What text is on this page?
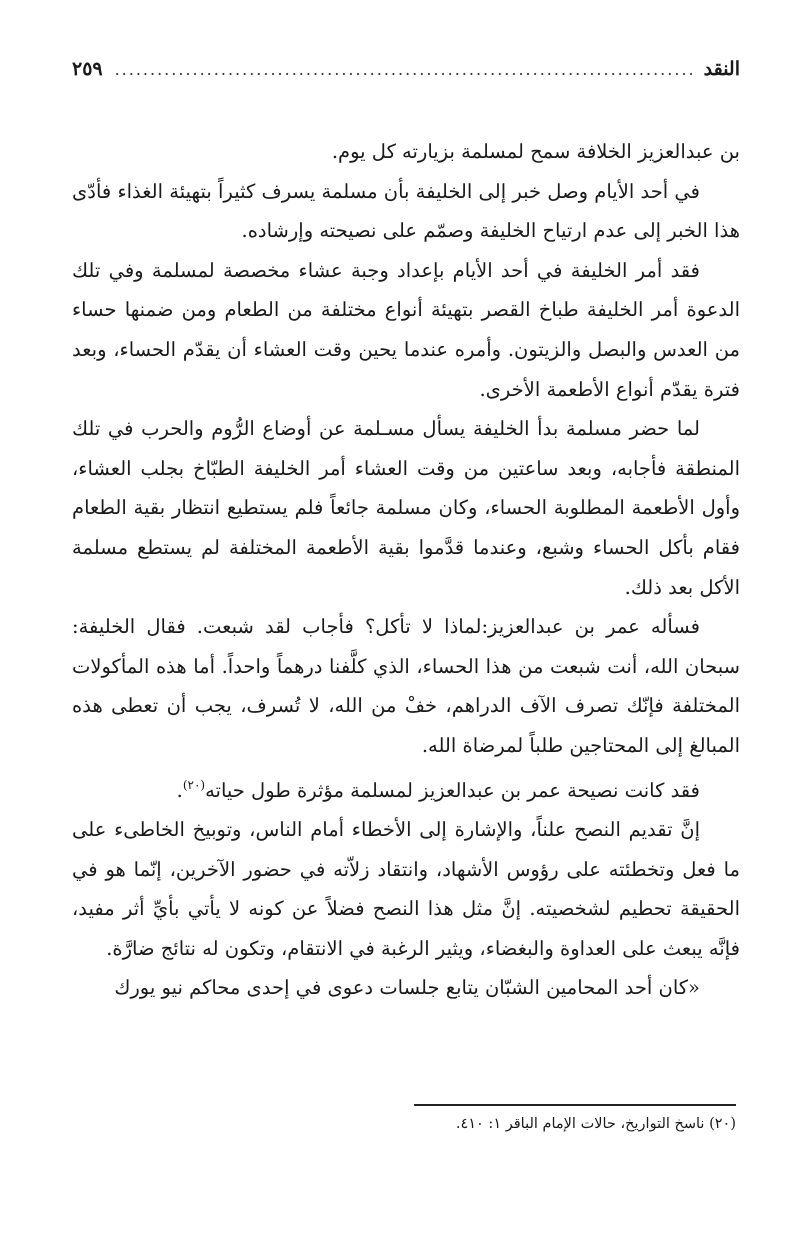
النقد
.....
٢٥٩

بن عبدالعزيز الخلافة سمح لمسلمة بزيارته كل يوم.

في أحد الأيام وصل خبر إلى الخليفة بأن مسلمة يسرف كثيراً بتهيئة الغذاء فأدّى هذا الخبر إلى عدم ارتياح الخليفة وصمّم على نصيحته وإرشاده.

فقد أمر الخليفة في أحد الأيام بإعداد وجبة عشاء مخصصة لمسلمة وفي تلك الدعوة أمر الخليفة طباخ القصر بتهيئة أنواع مختلفة من الطعام ومن ضمنها حساء من العدس والبصل والزيتون. وأمره عندما يحين وقت العشاء أن يقدّم الحساء، وبعد فترة يقدّم أنواع الأطعمة الأخرى.

لما حضر مسلمة بدأ الخليفة يسأل مسـلمة عن أوضاع الرُّوم والحرب في تلك المنطقة فأجابه، وبعد ساعتين من وقت العشاء أمر الخليفة الطبّاخ بجلب العشاء، وأول الأطعمة المطلوبة الحساء، وكان مسلمة جائعاً فلم يستطيع انتظار بقية الطعام فقام بأكل الحساء وشبع، وعندما قدَّموا بقية الأطعمة المختلفة لم يستطع مسلمة الأكل بعد ذلك.

فسأله عمر بن عبدالعزيز:لماذا لا تأكل؟ فأجاب لقد شبعت. فقال الخليفة: سبحان الله، أنت شبعت من هذا الحساء، الذي كلَّفنا درهماً واحداً. أما هذه المأكولات المختلفة فإنّك تصرف الآف الدراهم، خفْ من الله، لا تُسرف، يجب أن تعطى هذه المبالغ إلى المحتاجين طلباً لمرضاة الله.

فقد كانت نصيحة عمر بن عبدالعزيز لمسلمة مؤثرة طول حياته$^{(٢٠)}$.

إنَّ تقديم النصح علناً، والإشارة إلى الأخطاء أمام الناس، وتوبيخ الخاطىء على ما فعل وتخطئته على رؤوس الأشهاد، وانتقاد زلاّته في حضور الآخرين، إنّما هو في الحقيقة تحطيم لشخصيته. إنَّ مثل هذا النصح فضلاً عن كونه لا يأتي بأيِّ أثر مفيد، فإنَّه يبعث على العداوة والبغضاء، ويثير الرغبة في الانتقام، وتكون له نتائج ضارَّة.

«كان أحد المحامين الشبّان يتابع جلسات دعوى في إحدى محاكم نيو يورك

(٢٠) ناسخ التواريخ، حالات الإمام الباقر ١: ٤١٠.
